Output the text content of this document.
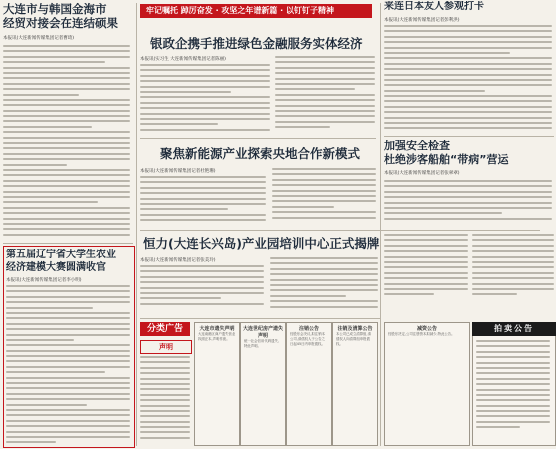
大连市与韩国金海市

经贸对接会在连结硕果

本报讯(大连新闻传媒集团记者曹琦)

第五届辽宁省大学生农业

经济建模大赛圆满收官

本报讯(大连新闻传媒集团记者李小明)
牢记嘱托 踔厉奋发 · 攻坚之年谱新篇 · 以钉钉子精神
银政企携手推进绿色金融服务实体经济
本报讯(实习生 大连新闻传媒集团记者陈丽)
聚焦新能源产业探索央地合作新模式
本报讯(大连新闻传媒集团记者杜艳珊)
恒力(大连长兴岛)产业园培训中心正式揭牌
本报讯(大连新闻传媒集团记者张美玲)
分类广告
声明
大连市遗失声明
大连南港区商户遗失营业执照正本,声明作废。
大连世纪房产遗失声明
统一社会信用代码遗失,特此声明。
注销公告
经股东会决议,拟注销本公司,请债权人于公告之日起45日内申报债权。
注销及清算公告
本公司已成立清算组,请债权人向清算组申报债权。

来连日本友人参观打卡

本报讯(大连新闻传媒集团记者彭利洪)

加强安全检查

杜绝涉客船舶“带病”营运

本报讯(大连新闻传媒集团记者张翠翠)
减资公告
经股东决定,公司注册资本拟减少,特此公告。
拍卖公告
